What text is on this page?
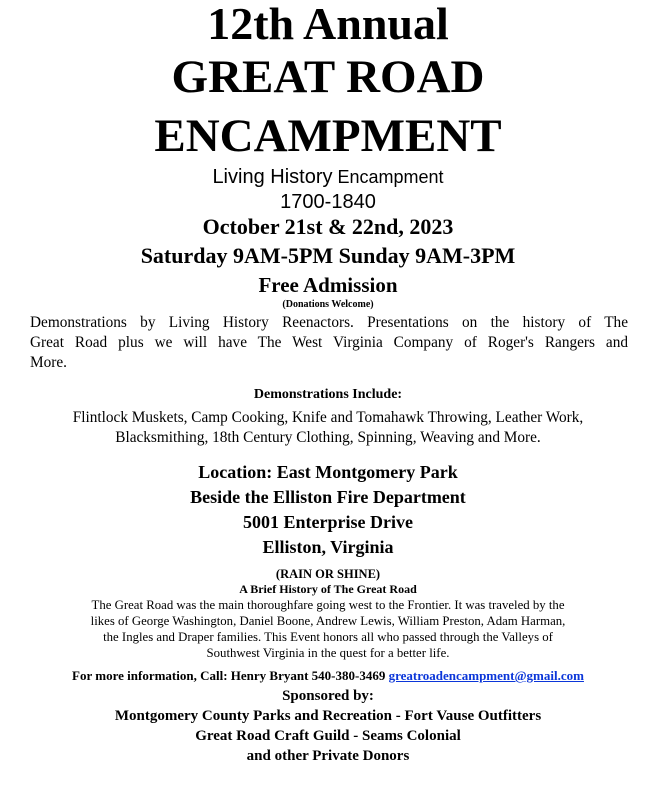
12th Annual

GREAT ROAD

ENCAMPMENT

Living History Encampment

1700-1840

October 21st & 22nd, 2023

Saturday 9AM-5PM Sunday 9AM-3PM

Free Admission

(Donations Welcome)

Demonstrations by Living History Reenactors. Presentations on the history of The
Great Road plus we will have The West Virginia Company of Roger's Rangers and
More.

Demonstrations Include:

Flintlock Muskets, Camp Cooking, Knife and Tomahawk Throwing, Leather Work,

Blacksmithing, 18th Century Clothing, Spinning, Weaving and More.

Location: East Montgomery Park

Beside the Elliston Fire Department

5001 Enterprise Drive

Elliston, Virginia

(RAIN OR SHINE)

A Brief History of The Great Road

The Great Road was the main thoroughfare going west to the Frontier. It was traveled by the

likes of George Washington, Daniel Boone, Andrew Lewis, William Preston, Adam Harman,

the Ingles and Draper families. This Event honors all who passed through the Valleys of

Southwest Virginia in the quest for a better life.

For more information, Call: Henry Bryant 540-380-3469 greatroadencampment@gmail.com

Sponsored by:

Montgomery County Parks and Recreation - Fort Vause Outfitters

Great Road Craft Guild - Seams Colonial

and other Private Donors
